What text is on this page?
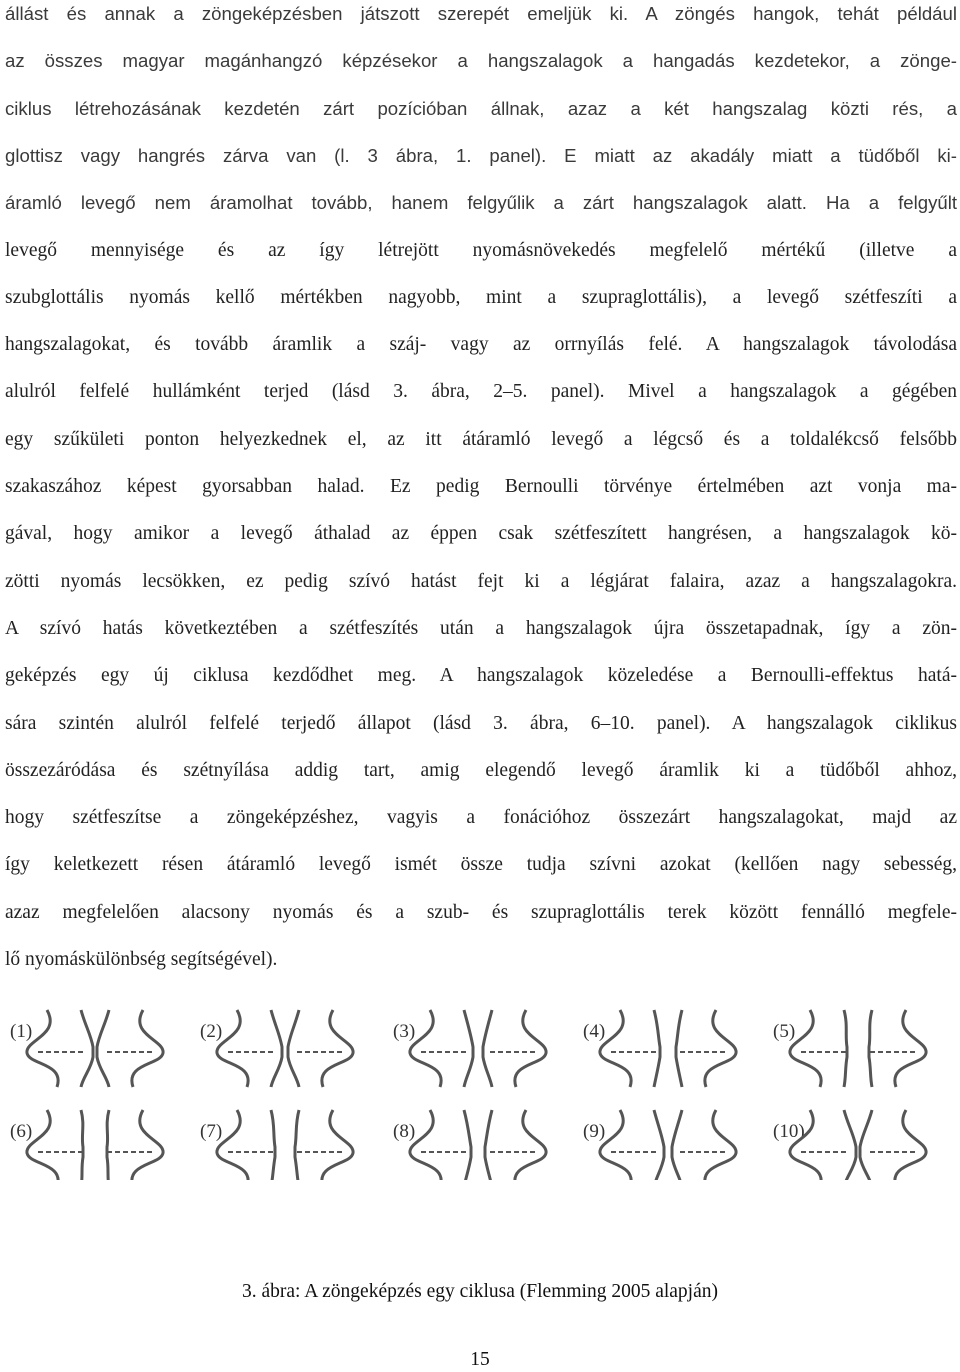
állást és annak a zöngeképzésben játszott szerepét emeljük ki. A zöngés hangok, tehát például
az összes magyar magánhangzó képzésekor a hangszalagok a hangadás kezdetekor, a zönge-
ciklus létrehozásának kezdetén zárt pozícióban állnak, azaz a két hangszalag közti rés, a
glottisz vagy hangrés zárva van (l. 3 ábra, 1. panel). E miatt az akadály miatt a tüdőből ki-
áramló levegő nem áramolhat tovább, hanem felgyűlik a zárt hangszalagok alatt. Ha a felgyűlt
levegő mennyisége és az így létrejött nyomásnövekedés megfelelő mértékű (illetve a
szubglottális nyomás kellő mértékben nagyobb, mint a szupraglottális), a levegő szétfeszíti a
hangszalagokat, és tovább áramlik a száj- vagy az orrnyílás felé. A hangszalagok távolodása
alulról felfelé hullámként terjed (lásd 3. ábra, 2–5. panel). Mivel a hangszalagok a gégében
egy szűkületi ponton helyezkednek el, az itt átáramló levegő a légcső és a toldalékcső felsőbb
szakaszához képest gyorsabban halad. Ez pedig Bernoulli törvénye értelmében azt vonja ma-
gával, hogy amikor a levegő áthalad az éppen csak szétfeszített hangrésen, a hangszalagok kö-
zötti nyomás lecsökken, ez pedig szívó hatást fejt ki a légjárat falaira, azaz a hangszalagokra.
A szívó hatás következtében a szétfeszítés után a hangszalagok újra összetapadnak, így a zön-
geképzés egy új ciklusa kezdődhet meg. A hangszalagok közeledése a Bernoulli-effektus hatá-
sára szintén alulról felfelé terjedő állapot (lásd 3. ábra, 6–10. panel). A hangszalagok ciklikus
összezáródása és szétnyílása addig tart, amig elegendő levegő áramlik ki a tüdőből ahhoz,
hogy szétfeszítse a zöngeképzéshez, vagyis a fonációhoz összezárt hangszalagokat, majd az
így keletkezett résen átáramló levegő ismét össze tudja szívni azokat (kellően nagy sebesség,
azaz megfelelően alacsony nyomás és a szub- és szupraglottális terek között fennálló megfele-
lő nyomáskülönbség segítségével).
(1)	(2)	(3)	(4)	(5)
(6)	(7)	(8)	(9)	(10)
3. ábra: A zöngeképzés egy ciklusa (Flemming 2005 alapján)
15
